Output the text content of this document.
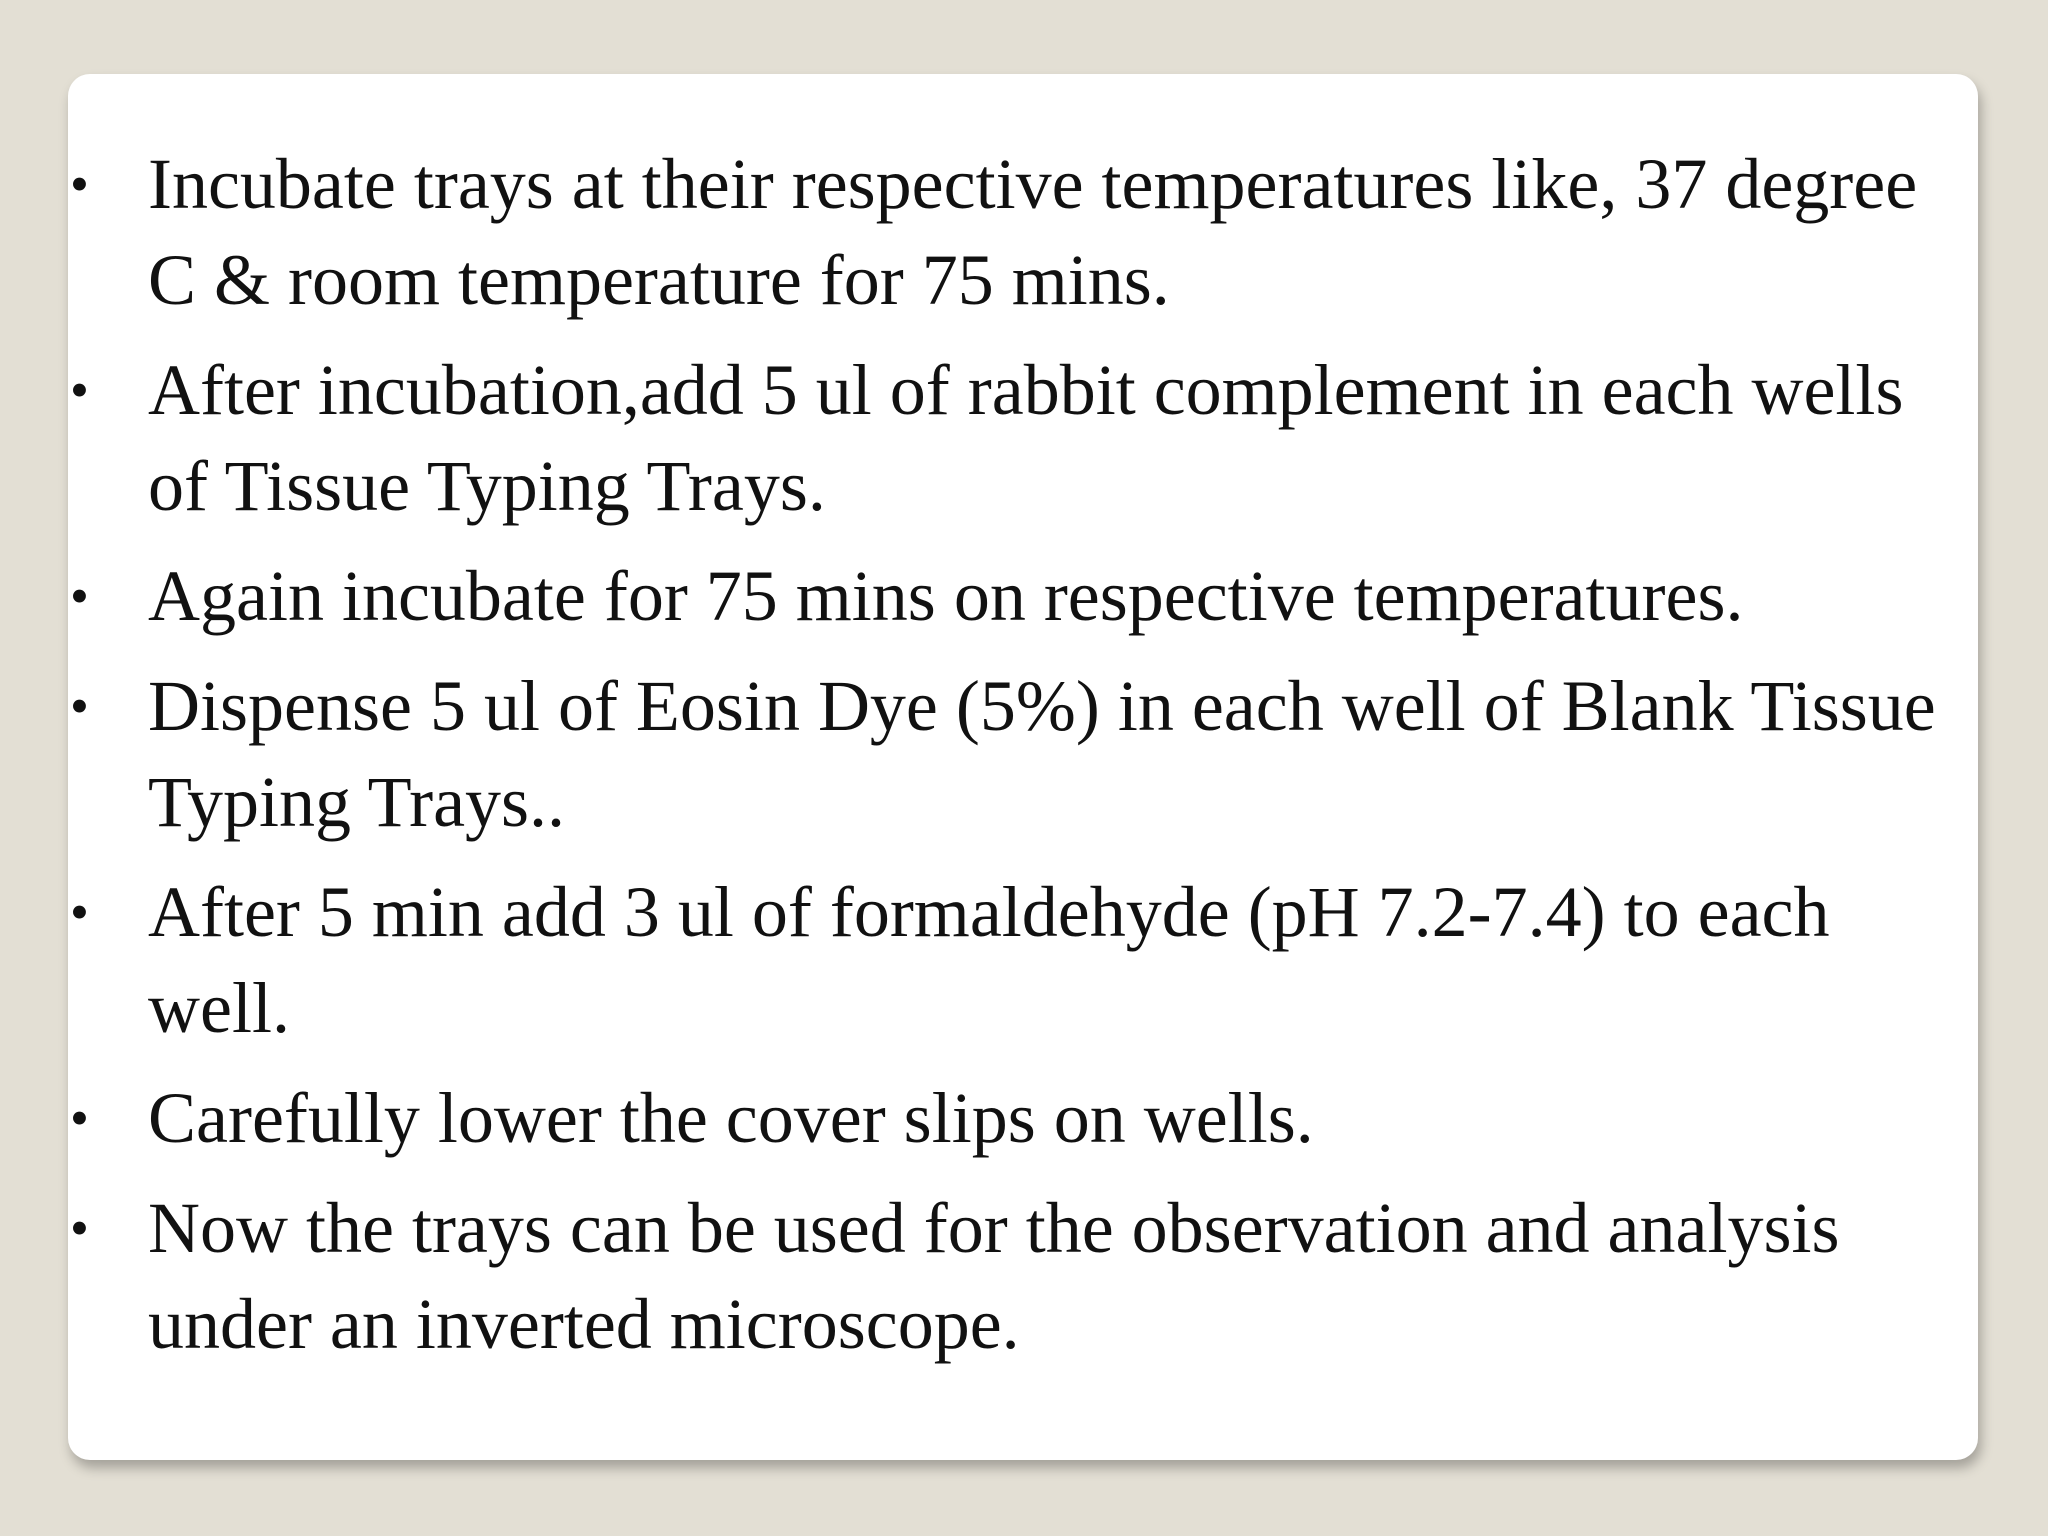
• Incubate trays at their respective temperatures like, 37 degree C & room temperature for 75 mins.
• After incubation,add 5 ul of rabbit complement in each wells of Tissue Typing Trays.
• Again incubate for 75 mins on respective temperatures.
• Dispense 5 ul of Eosin Dye (5%) in each well of Blank Tissue Typing Trays..
• After 5 min add 3 ul of formaldehyde (pH 7.2-7.4) to each well.
• Carefully lower the cover slips on wells.
• Now the trays can be used for the observation and analysis under an inverted microscope.
